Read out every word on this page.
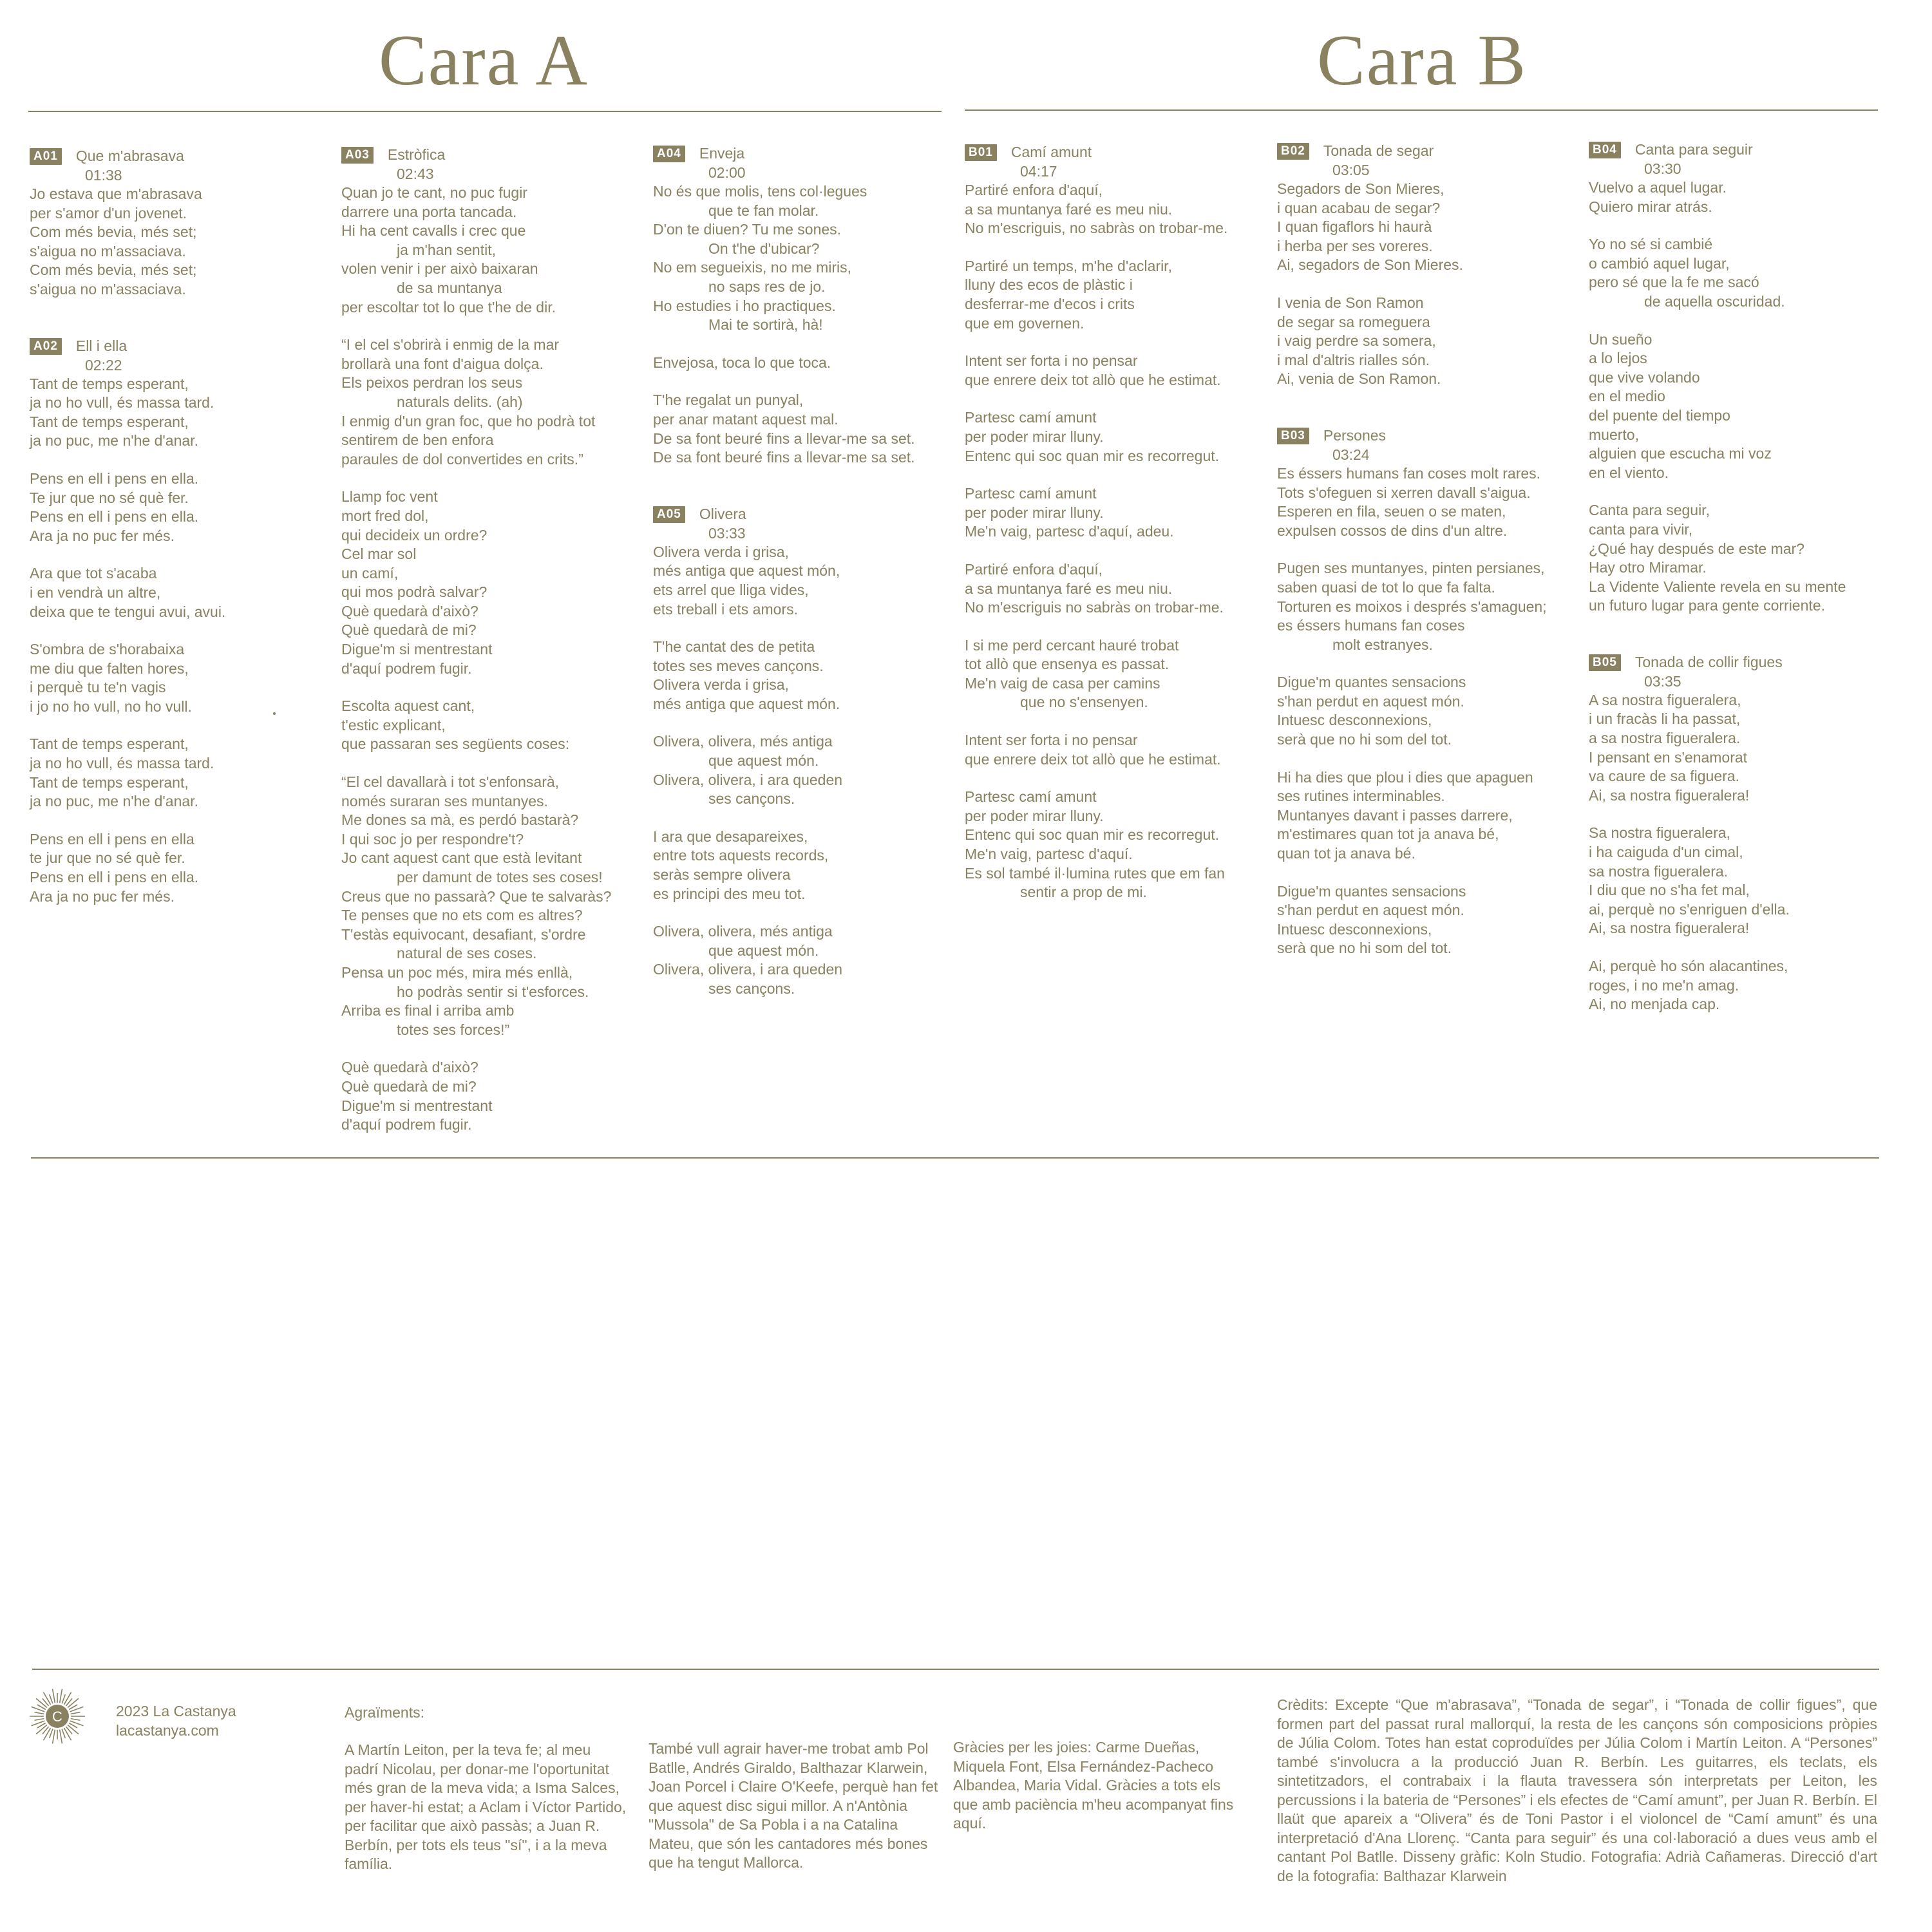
Cara A	Cara B
A01 Que m'abrasava
01:38
Jo estava que m'abrasava
per s'amor d'un jovenet.
Com més bevia, més set;
s'aigua no m'assaciava.
Com més bevia, més set;
s'aigua no m'assaciava.
A02 Ell i ella
02:22
Tant de temps esperant,
ja no ho vull, és massa tard.
Tant de temps esperant,
ja no puc, me n'he d'anar.
Pens en ell i pens en ella.
Te jur que no sé què fer.
Pens en ell i pens en ella.
Ara ja no puc fer més.
Ara que tot s'acaba
i en vendrà un altre,
deixa que te tengui avui, avui.
S'ombra de s'horabaixa
me diu que falten hores,
i perquè tu te'n vagis
i jo no ho vull, no ho vull.
Tant de temps esperant,
ja no ho vull, és massa tard.
Tant de temps esperant,
ja no puc, me n'he d'anar.
Pens en ell i pens en ella
te jur que no sé què fer.
Pens en ell i pens en ella.
Ara ja no puc fer més.
A03 Estròfica
02:43
Quan jo te cant, no puc fugir
darrere una porta tancada.
Hi ha cent cavalls i crec que
ja m'han sentit,
volen venir i per això baixaran
de sa muntanya
per escoltar tot lo que t'he de dir.
“I el cel s'obrirà i enmig de la mar
brollarà una font d'aigua dolça.
Els peixos perdran los seus
naturals delits. (ah)
I enmig d'un gran foc, que ho podrà tot
sentirem de ben enfora
paraules de dol convertides en crits.”
Llamp foc vent
mort fred dol,
qui decideix un ordre?
Cel mar sol
un camí,
qui mos podrà salvar?
Què quedarà d'això?
Què quedarà de mi?
Digue'm si mentrestant
d'aquí podrem fugir.
Escolta aquest cant,
t'estic explicant,
que passaran ses següents coses:
“El cel davallarà i tot s'enfonsarà,
només suraran ses muntanyes.
Me dones sa mà, es perdó bastarà?
I qui soc jo per respondre't?
Jo cant aquest cant que està levitant
per damunt de totes ses coses!
Creus que no passarà? Que te salvaràs?
Te penses que no ets com es altres?
T'estàs equivocant, desafiant, s'ordre
natural de ses coses.
Pensa un poc més, mira més enllà,
ho podràs sentir si t'esforces.
Arriba es final i arriba amb
totes ses forces!”
Què quedarà d'això?
Què quedarà de mi?
Digue'm si mentrestant
d'aquí podrem fugir.
A04 Enveja
02:00
No és que molis, tens col·legues
que te fan molar.
D'on te diuen? Tu me sones.
On t'he d'ubicar?
No em segueixis, no me miris,
no saps res de jo.
Ho estudies i ho practiques.
Mai te sortirà, hà!
Envejosa, toca lo que toca.
T'he regalat un punyal,
per anar matant aquest mal.
De sa font beuré fins a llevar-me sa set.
De sa font beuré fins a llevar-me sa set.
A05 Olivera
03:33
Olivera verda i grisa,
més antiga que aquest món,
ets arrel que lliga vides,
ets treball i ets amors.
T'he cantat des de petita
totes ses meves cançons.
Olivera verda i grisa,
més antiga que aquest món.
Olivera, olivera, més antiga
que aquest món.
Olivera, olivera, i ara queden
ses cançons.
I ara que desapareixes,
entre tots aquests records,
seràs sempre olivera
es principi des meu tot.
Olivera, olivera, més antiga
que aquest món.
Olivera, olivera, i ara queden
ses cançons.
B01 Camí amunt
04:17
Partiré enfora d'aquí,
a sa muntanya faré es meu niu.
No m'escriguis, no sabràs on trobar-me.
Partiré un temps, m'he d'aclarir,
lluny des ecos de plàstic i
desferrar-me d'ecos i crits
que em governen.
Intent ser forta i no pensar
que enrere deix tot allò que he estimat.
Partesc camí amunt
per poder mirar lluny.
Entenc qui soc quan mir es recorregut.
Partesc camí amunt
per poder mirar lluny.
Me'n vaig, partesc d'aquí, adeu.
Partiré enfora d'aquí,
a sa muntanya faré es meu niu.
No m'escriguis no sabràs on trobar-me.
I si me perd cercant hauré trobat
tot allò que ensenya es passat.
Me'n vaig de casa per camins
que no s'ensenyen.
Intent ser forta i no pensar
que enrere deix tot allò que he estimat.
Partesc camí amunt
per poder mirar lluny.
Entenc qui soc quan mir es recorregut.
Me'n vaig, partesc d'aquí.
Es sol també il·lumina rutes que em fan
sentir a prop de mi.
B02 Tonada de segar
03:05
Segadors de Son Mieres,
i quan acabau de segar?
I quan figaflors hi haurà
i herba per ses voreres.
Ai, segadors de Son Mieres.
I venia de Son Ramon
de segar sa romeguera
i vaig perdre sa somera,
i mal d'altris rialles són.
Ai, venia de Son Ramon.
B03 Persones
03:24
Es éssers humans fan coses molt rares.
Tots s'ofeguen si xerren davall s'aigua.
Esperen en fila, seuen o se maten,
expulsen cossos de dins d'un altre.
Pugen ses muntanyes, pinten persianes,
saben quasi de tot lo que fa falta.
Torturen es moixos i després s'amaguen;
es éssers humans fan coses
molt estranyes.
Digue'm quantes sensacions
s'han perdut en aquest món.
Intuesc desconnexions,
serà que no hi som del tot.
Hi ha dies que plou i dies que apaguen
ses rutines interminables.
Muntanyes davant i passes darrere,
m'estimares quan tot ja anava bé,
quan tot ja anava bé.
Digue'm quantes sensacions
s'han perdut en aquest món.
Intuesc desconnexions,
serà que no hi som del tot.
B04 Canta para seguir
03:30
Vuelvo a aquel lugar.
Quiero mirar atrás.
Yo no sé si cambié
o cambió aquel lugar,
pero sé que la fe me sacó
de aquella oscuridad.
Un sueño
a lo lejos
que vive volando
en el medio
del puente del tiempo
muerto,
alguien que escucha mi voz
en el viento.
Canta para seguir,
canta para vivir,
¿Qué hay después de este mar?
Hay otro Miramar.
La Vidente Valiente revela en su mente
un futuro lugar para gente corriente.
B05 Tonada de collir figues
03:35
A sa nostra figueralera,
i un fracàs li ha passat,
a sa nostra figueralera.
I pensant en s'enamorat
va caure de sa figuera.
Ai, sa nostra figueralera!
Sa nostra figueralera,
i ha caiguda d'un cimal,
sa nostra figueralera.
I diu que no s'ha fet mal,
ai, perquè no s'enriguen d'ella.
Ai, sa nostra figueralera!
Ai, perquè ho són alacantines,
roges, i no me'n amag.
Ai, no menjada cap.
C	2023 La Castanya
lacastanya.com
Agraïments:
A Martín Leiton, per la teva fe; al meu padrí Nicolau, per donar-me l'oportunitat més gran de la meva vida; a Isma Salces, per haver-hi estat; a Aclam i Víctor Partido, per facilitar que això passàs; a Juan R. Berbín, per tots els teus "sí", i a la meva família.
També vull agrair haver-me trobat amb Pol Batlle, Andrés Giraldo, Balthazar Klarwein, Joan Porcel i Claire O'Keefe, perquè han fet que aquest disc sigui millor. A n'Antònia "Mussola" de Sa Pobla i a na Catalina Mateu, que són les cantadores més bones que ha tengut Mallorca.
Gràcies per les joies: Carme Dueñas, Miquela Font, Elsa Fernández-Pacheco Albandea, Maria Vidal. Gràcies a tots els que amb paciència m'heu acompanyat fins aquí.
Crèdits: Excepte “Que m'abrasava”, “Tonada de segar”, i “Tonada de collir figues”, que formen part del passat rural mallorquí, la resta de les cançons són composicions pròpies de Júlia Colom. Totes han estat coproduïdes per Júlia Colom i Martín Leiton. A “Persones” també s'involucra a la producció Juan R. Berbín. Les guitarres, els teclats, els sintetitzadors, el contrabaix i la flauta travessera són interpretats per Leiton, les percussions i la bateria de “Persones” i els efectes de “Camí amunt”, per Juan R. Berbín. El llaüt que apareix a “Olivera” és de Toni Pastor i el violoncel de “Camí amunt” és una interpretació d'Ana Llorenç. “Canta para seguir” és una col·laboració a dues veus amb el cantant Pol Batlle. Disseny gràfic: Koln Studio. Fotografia: Adrià Cañameras. Direcció d'art de la fotografia: Balthazar Klarwein
